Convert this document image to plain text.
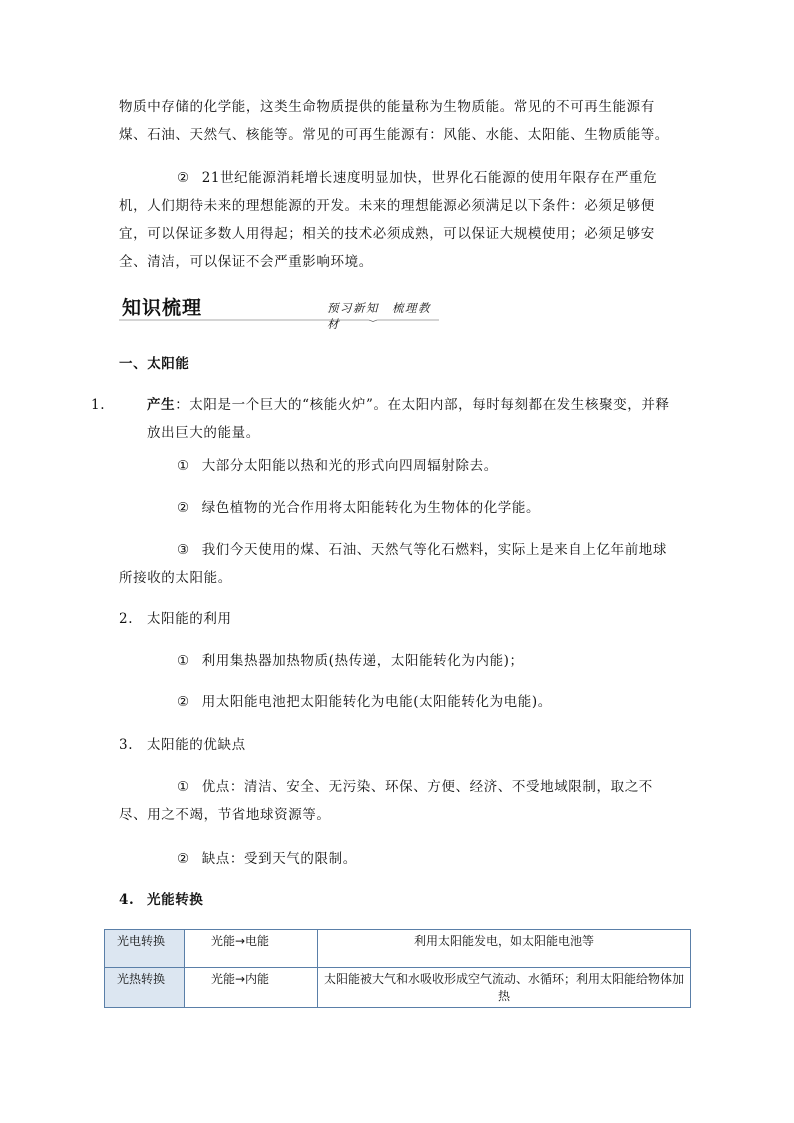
物质中存储的化学能，这类生命物质提供的能量称为生物质能。常见的不可再生能源有煤、石油、天然气、核能等。常见的可再生能源有：风能、水能、太阳能、生物质能等。
② 21世纪能源消耗增长速度明显加快，世界化石能源的使用年限存在严重危机，人们期待未来的理想能源的开发。未来的理想能源必须满足以下条件：必须足够便宜，可以保证多数人用得起；相关的技术必须成熟，可以保证大规模使用；必须足够安全、清洁，可以保证不会严重影响环境。
知识梳理	预习新知　梳理教材
一、太阳能
1.	产生：太阳是一个巨大的“核能火炉”。在太阳内部，每时每刻都在发生核聚变，并释放出巨大的能量。
① 大部分太阳能以热和光的形式向四周辐射除去。
② 绿色植物的光合作用将太阳能转化为生物体的化学能。
③ 我们今天使用的煤、石油、天然气等化石燃料，实际上是来自上亿年前地球所接收的太阳能。
2. 太阳能的利用
① 利用集热器加热物质(热传递，太阳能转化为内能)；
② 用太阳能电池把太阳能转化为电能(太阳能转化为电能)。
3. 太阳能的优缺点
① 优点：清洁、安全、无污染、环保、方便、经济、不受地域限制，取之不尽、用之不竭，节省地球资源等。
② 缺点：受到天气的限制。
4. 光能转换
光电转换	光能→电能	利用太阳能发电，如太阳能电池等
光热转换	光能→内能	太阳能被大气和水吸收形成空气流动、水循环；利用太阳能给物体加热
